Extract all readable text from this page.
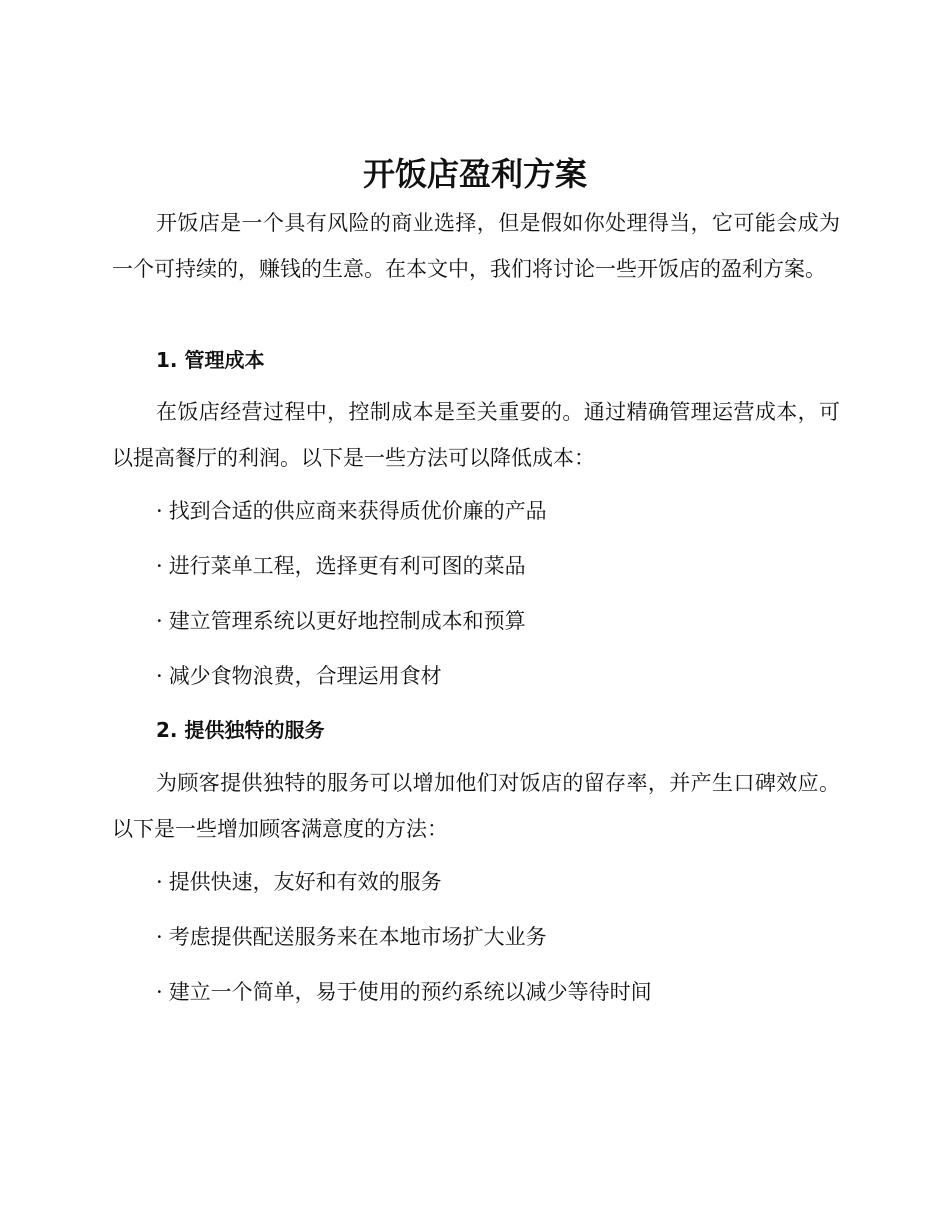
开饭店盈利方案

开饭店是一个具有风险的商业选择，但是假如你处理得当，它可能会成为一个可持续的，赚钱的生意。在本文中，我们将讨论一些开饭店的盈利方案。

1. 管理成本

在饭店经营过程中，控制成本是至关重要的。通过精确管理运营成本，可以提高餐厅的利润。以下是一些方法可以降低成本：

· 找到合适的供应商来获得质优价廉的产品
· 进行菜单工程，选择更有利可图的菜品
· 建立管理系统以更好地控制成本和预算
· 减少食物浪费，合理运用食材
2. 提供独特的服务

为顾客提供独特的服务可以增加他们对饭店的留存率，并产生口碑效应。以下是一些增加顾客满意度的方法：

· 提供快速，友好和有效的服务
· 考虑提供配送服务来在本地市场扩大业务
· 建立一个简单，易于使用的预约系统以减少等待时间
